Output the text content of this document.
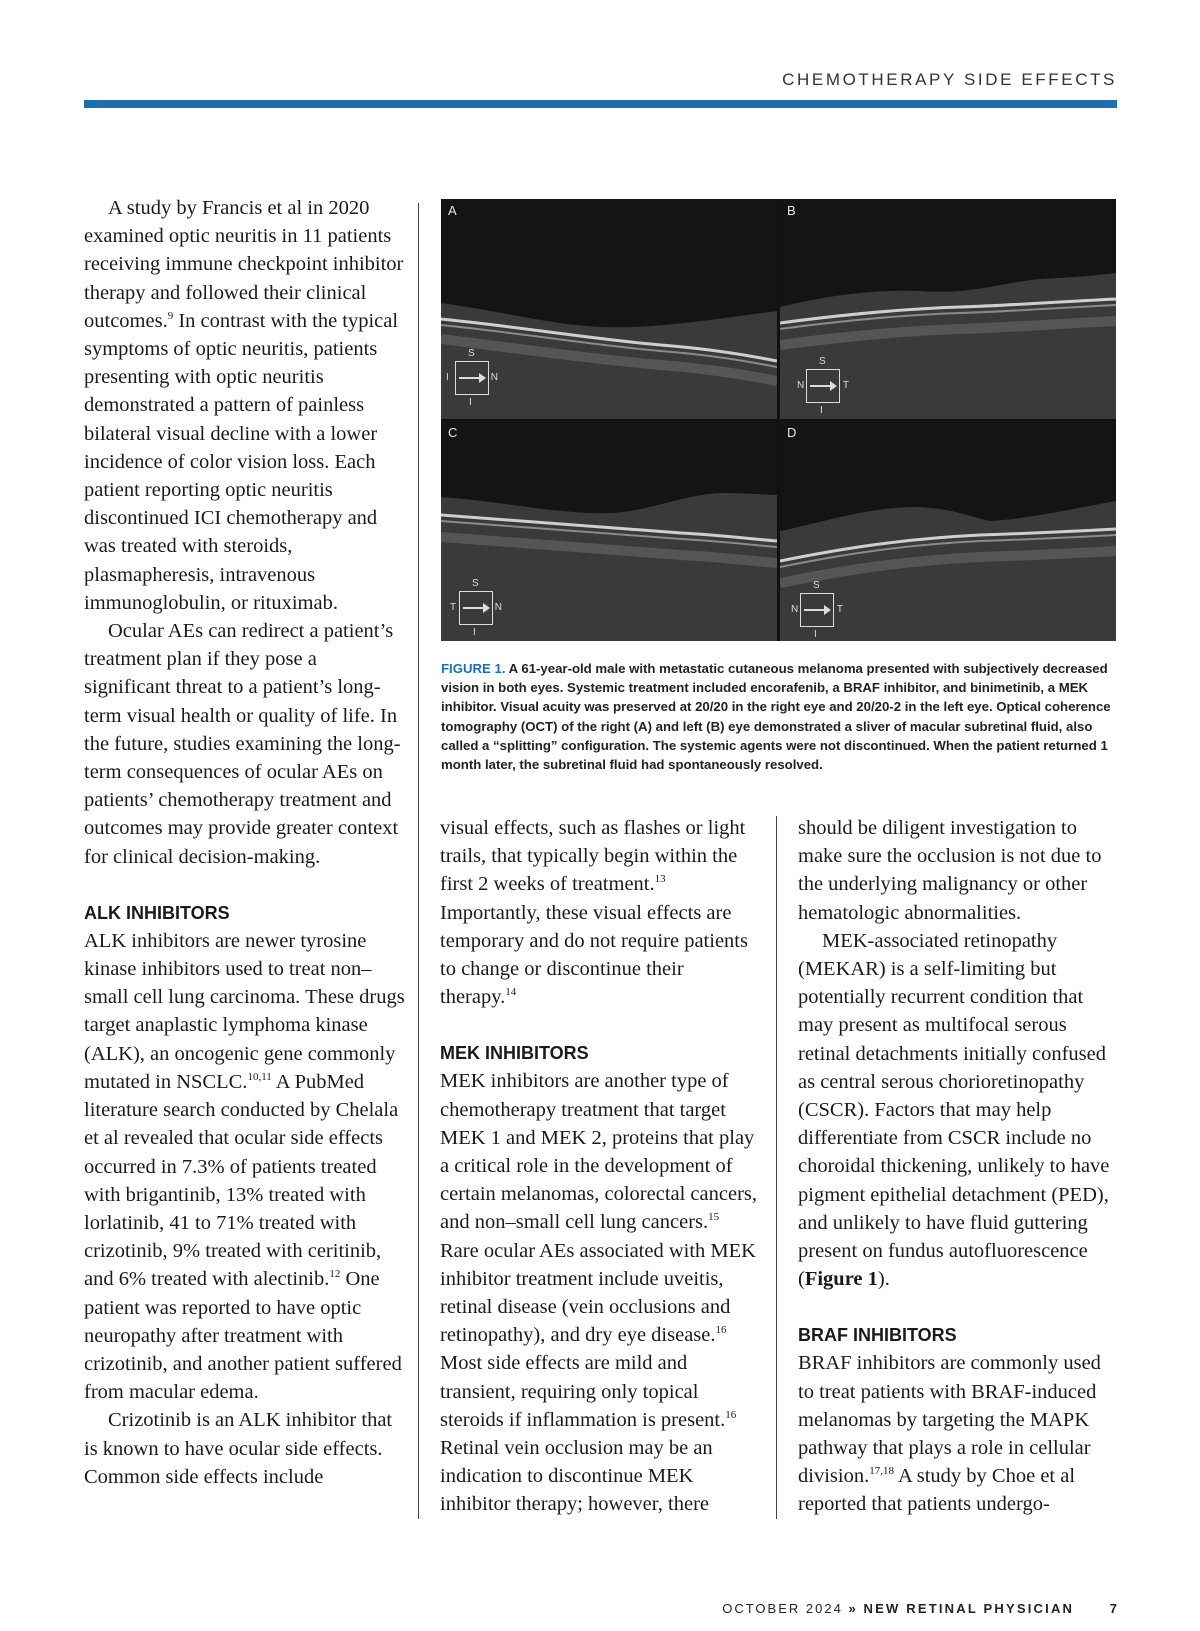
CHEMOTHERAPY SIDE EFFECTS

A study by Francis et al in 2020 examined optic neuritis in 11 patients receiving immune checkpoint inhibitor therapy and followed their clinical outcomes.$^9$ In contrast with the typical symptoms of optic neuritis, patients presenting with optic neuritis demonstrated a pattern of painless bilateral visual decline with a lower incidence of color vision loss. Each patient reporting optic neuritis discontinued ICI chemotherapy and was treated with steroids, plasmapheresis, intravenous immunoglobulin, or rituximab.

Ocular AEs can redirect a patient’s treatment plan if they pose a significant threat to a patient’s long-term visual health or quality of life. In the future, studies examining the long-term consequences of ocular AEs on patients’ chemotherapy treatment and outcomes may provide greater context for clinical decision-making.

ALK INHIBITORS

ALK inhibitors are newer tyrosine kinase inhibitors used to treat non–small cell lung carcinoma. These drugs target anaplastic lymphoma kinase (ALK), an oncogenic gene commonly mutated in NSCLC.$^{10,11}$ A PubMed literature search conducted by Chelala et al revealed that ocular side effects occurred in 7.3% of patients treated with brigantinib, 13% treated with lorlatinib, 41 to 71% treated with crizotinib, 9% treated with ceritinib, and 6% treated with alectinib.$^{12}$ One patient was reported to have optic neuropathy after treatment with crizotinib, and another patient suffered from macular edema.

Crizotinib is an ALK inhibitor that is known to have ocular side effects. Common side effects include

A
S
I	N
I
B
S
N	T
I
C
S
T	N
I
D
S
N	T
I
FIGURE 1. A 61-year-old male with metastatic cutaneous melanoma presented with subjectively decreased vision in both eyes. Systemic treatment included encorafenib, a BRAF inhibitor, and binimetinib, a MEK inhibitor. Visual acuity was preserved at 20/20 in the right eye and 20/20-2 in the left eye. Optical coherence tomography (OCT) of the right (A) and left (B) eye demonstrated a sliver of macular subretinal fluid, also called a “splitting” configuration. The systemic agents were not discontinued. When the patient returned 1 month later, the subretinal fluid had spontaneously resolved.

visual effects, such as flashes or light trails, that typically begin within the first 2 weeks of treatment.$^{13}$ Importantly, these visual effects are temporary and do not require patients to change or discontinue their therapy.$^{14}$

MEK INHIBITORS

MEK inhibitors are another type of chemotherapy treatment that target MEK 1 and MEK 2, proteins that play a critical role in the development of certain melanomas, colorectal cancers, and non–small cell lung cancers.$^{15}$ Rare ocular AEs associated with MEK inhibitor treatment include uveitis, retinal disease (vein occlusions and retinopathy), and dry eye disease.$^{16}$ Most side effects are mild and transient, requiring only topical steroids if inflammation is present.$^{16}$ Retinal vein occlusion may be an indication to discontinue MEK inhibitor therapy; however, there

should be diligent investigation to make sure the occlusion is not due to the underlying malignancy or other hematologic abnormalities.

MEK-associated retinopathy (MEKAR) is a self-limiting but potentially recurrent condition that may present as multifocal serous retinal detachments initially confused as central serous chorioretinopathy (CSCR). Factors that may help differentiate from CSCR include no choroidal thickening, unlikely to have pigment epithelial detachment (PED), and unlikely to have fluid guttering present on fundus autofluorescence (Figure 1).

BRAF INHIBITORS

BRAF inhibitors are commonly used to treat patients with BRAF-induced melanomas by targeting the MAPK pathway that plays a role in cellular division.$^{17,18}$ A study by Choe et al reported that patients undergo-

OCTOBER 2024 » NEW RETINAL PHYSICIAN	7
